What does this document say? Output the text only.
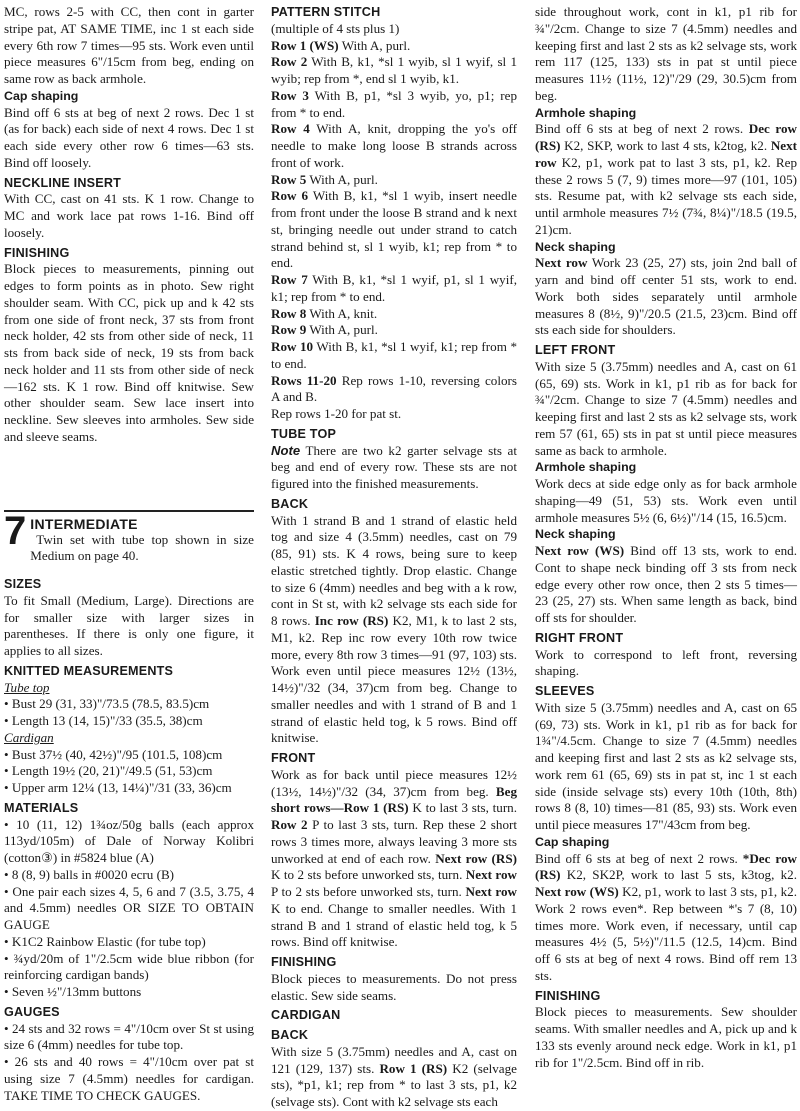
MC, rows 2-5 with CC, then cont in garter stripe pat, AT SAME TIME, inc 1 st each side every 6th row 7 times—95 sts. Work even until piece measures 6"/15cm from beg, ending on same row as back armhole.
Cap shaping
Bind off 6 sts at beg of next 2 rows. Dec 1 st (as for back) each side of next 4 rows. Dec 1 st each side every other row 6 times—63 sts. Bind off loosely.
NECKLINE INSERT
With CC, cast on 41 sts. K 1 row. Change to MC and work lace pat rows 1-16. Bind off loosely.
FINISHING
Block pieces to measurements, pinning out edges to form points as in photo. Sew right shoulder seam. With CC, pick up and k 42 sts from one side of front neck, 37 sts from front neck holder, 42 sts from other side of neck, 11 sts from back side of neck, 19 sts from back neck holder and 11 sts from other side of neck—162 sts. K 1 row. Bind off knitwise. Sew other shoulder seam. Sew lace insert into neckline. Sew sleeves into armholes. Sew side and sleeve seams.
7 INTERMEDIATE
Twin set with tube top shown in size Medium on page 40.
SIZES
To fit Small (Medium, Large). Directions are for smaller size with larger sizes in parentheses. If there is only one figure, it applies to all sizes.
KNITTED MEASUREMENTS
Tube top
• Bust 29 (31, 33)"/73.5 (78.5, 83.5)cm
• Length 13 (14, 15)"/33 (35.5, 38)cm
Cardigan
• Bust 37½ (40, 42½)"/95 (101.5, 108)cm
• Length 19½ (20, 21)"/49.5 (51, 53)cm
• Upper arm 12¼ (13, 14¼)"/31 (33, 36)cm
MATERIALS
• 10 (11, 12) 1¾oz/50g balls (each approx 113yd/105m) of Dale of Norway Kolibri (cotton③) in #5824 blue (A)
• 8 (8, 9) balls in #0020 ecru (B)
• One pair each sizes 4, 5, 6 and 7 (3.5, 3.75, 4 and 4.5mm) needles OR SIZE TO OBTAIN GAUGE
• K1C2 Rainbow Elastic (for tube top)
• ¾yd/20m of 1"/2.5cm wide blue ribbon (for reinforcing cardigan bands)
• Seven ½"/13mm buttons
GAUGES
• 24 sts and 32 rows = 4"/10cm over St st using size 6 (4mm) needles for tube top.
• 26 sts and 40 rows = 4"/10cm over pat st using size 7 (4.5mm) needles for cardigan. TAKE TIME TO CHECK GAUGES.
PATTERN STITCH
(multiple of 4 sts plus 1)
Row 1 (WS) With A, purl.
Row 2 With B, k1, *sl 1 wyib, sl 1 wyif, sl 1 wyib; rep from *, end sl 1 wyib, k1.
Row 3 With B, p1, *sl 3 wyib, yo, p1; rep from * to end.
Row 4 With A, knit, dropping the yo's off needle to make long loose B strands across front of work.
Row 5 With A, purl.
Row 6 With B, k1, *sl 1 wyib, insert needle from front under the loose B strand and k next st, bringing needle out under strand to catch strand behind st, sl 1 wyib, k1; rep from * to end.
Row 7 With B, k1, *sl 1 wyif, p1, sl 1 wyif, k1; rep from * to end.
Row 8 With A, knit.
Row 9 With A, purl.
Row 10 With B, k1, *sl 1 wyif, k1; rep from * to end.
Rows 11-20 Rep rows 1-10, reversing colors A and B.
Rep rows 1-20 for pat st.
TUBE TOP
Note There are two k2 garter selvage sts at beg and end of every row. These sts are not figured into the finished measurements.
BACK
With 1 strand B and 1 strand of elastic held tog and size 4 (3.5mm) needles, cast on 79 (85, 91) sts. K 4 rows, being sure to keep elastic stretched tightly. Drop elastic. Change to size 6 (4mm) needles and beg with a k row, cont in St st, with k2 selvage sts each side for 8 rows. Inc row (RS) K2, M1, k to last 2 sts, M1, k2. Rep inc row every 10th row twice more, every 8th row 3 times—91 (97, 103) sts. Work even until piece measures 12½ (13½, 14½)"/32 (34, 37)cm from beg. Change to smaller needles and with 1 strand of B and 1 strand of elastic held tog, k 5 rows. Bind off knitwise.
FRONT
Work as for back until piece measures 12½ (13½, 14½)"/32 (34, 37)cm from beg. Beg short rows—Row 1 (RS) K to last 3 sts, turn. Row 2 P to last 3 sts, turn. Rep these 2 short rows 3 times more, always leaving 3 more sts unworked at end of each row. Next row (RS) K to 2 sts before unworked sts, turn. Next row P to 2 sts before unworked sts, turn. Next row K to end. Change to smaller needles. With 1 strand B and 1 strand of elastic held tog, k 5 rows. Bind off knitwise.
FINISHING
Block pieces to measurements. Do not press elastic. Sew side seams.
CARDIGAN
BACK
With size 5 (3.75mm) needles and A, cast on 121 (129, 137) sts. Row 1 (RS) K2 (selvage sts), *p1, k1; rep from * to last 3 sts, p1, k2 (selvage sts). Cont with k2 selvage sts each
side throughout work, cont in k1, p1 rib for ¾"/2cm. Change to size 7 (4.5mm) needles and keeping first and last 2 sts as k2 selvage sts, work rem 117 (125, 133) sts in pat st until piece measures 11½ (11½, 12)"/29 (29, 30.5)cm from beg.
Armhole shaping
Bind off 6 sts at beg of next 2 rows. Dec row (RS) K2, SKP, work to last 4 sts, k2tog, k2. Next row K2, p1, work pat to last 3 sts, p1, k2. Rep these 2 rows 5 (7, 9) times more—97 (101, 105) sts. Resume pat, with k2 selvage sts each side, until armhole measures 7½ (7¾, 8¼)"/18.5 (19.5, 21)cm.
Neck shaping
Next row Work 23 (25, 27) sts, join 2nd ball of yarn and bind off center 51 sts, work to end. Work both sides separately until armhole measures 8 (8½, 9)"/20.5 (21.5, 23)cm. Bind off sts each side for shoulders.
LEFT FRONT
With size 5 (3.75mm) needles and A, cast on 61 (65, 69) sts. Work in k1, p1 rib as for back for ¾"/2cm. Change to size 7 (4.5mm) needles and keeping first and last 2 sts as k2 selvage sts, work rem 57 (61, 65) sts in pat st until piece measures same as back to armhole.
Armhole shaping
Work decs at side edge only as for back armhole shaping—49 (51, 53) sts. Work even until armhole measures 5½ (6, 6½)"/14 (15, 16.5)cm.
Neck shaping
Next row (WS) Bind off 13 sts, work to end. Cont to shape neck binding off 3 sts from neck edge every other row once, then 2 sts 5 times—23 (25, 27) sts. When same length as back, bind off sts for shoulder.
RIGHT FRONT
Work to correspond to left front, reversing shaping.
SLEEVES
With size 5 (3.75mm) needles and A, cast on 65 (69, 73) sts. Work in k1, p1 rib as for back for 1¾"/4.5cm. Change to size 7 (4.5mm) needles and keeping first and last 2 sts as k2 selvage sts, work rem 61 (65, 69) sts in pat st, inc 1 st each side (inside selvage sts) every 10th (10th, 8th) rows 8 (8, 10) times—81 (85, 93) sts. Work even until piece measures 17"/43cm from beg.
Cap shaping
Bind off 6 sts at beg of next 2 rows. *Dec row (RS) K2, SK2P, work to last 5 sts, k3tog, k2. Next row (WS) K2, p1, work to last 3 sts, p1, k2. Work 2 rows even*. Rep between *'s 7 (8, 10) times more. Work even, if necessary, until cap measures 4½ (5, 5½)"/11.5 (12.5, 14)cm. Bind off 6 sts at beg of next 4 rows. Bind off rem 13 sts.
FINISHING
Block pieces to measurements. Sew shoulder seams. With smaller needles and A, pick up and k 133 sts evenly around neck edge. Work in k1, p1 rib for 1"/2.5cm. Bind off in rib.
